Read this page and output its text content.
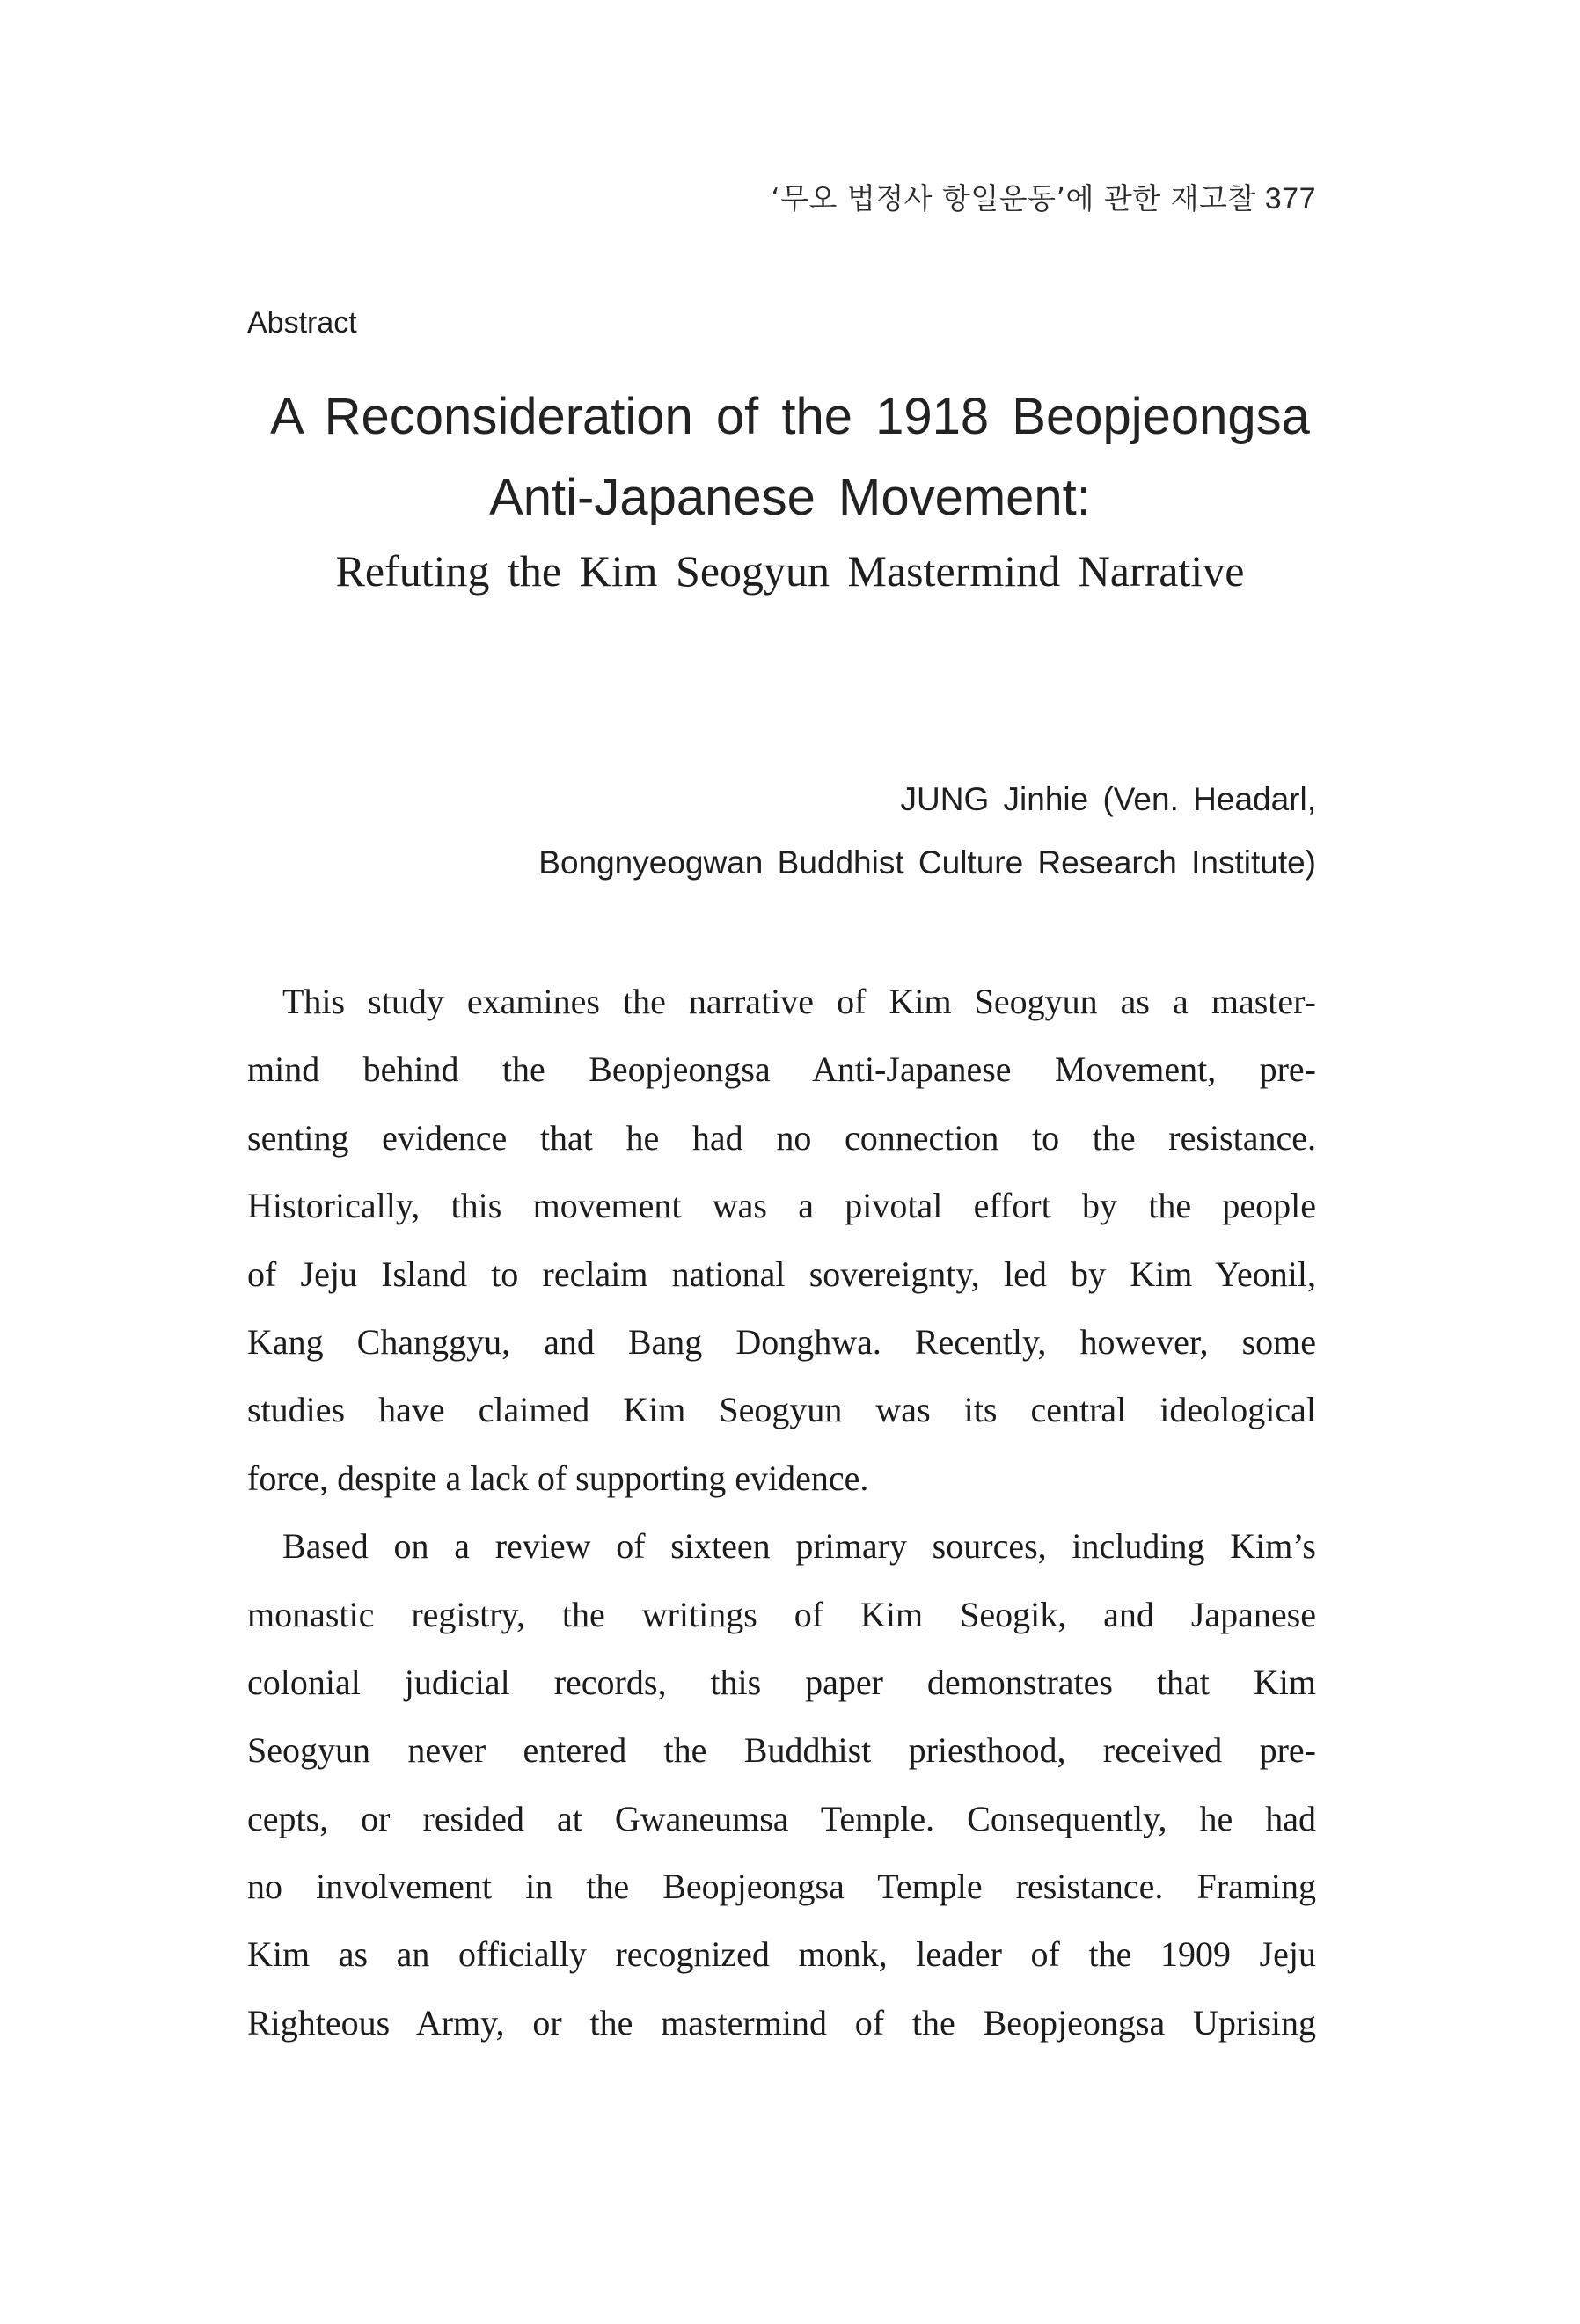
‘무오 법정사 항일운동’에 관한 재고찰 377
Abstract
A Reconsideration of the 1918 Beopjeongsa
Anti-Japanese Movement:
Refuting the Kim Seogyun Mastermind Narrative
JUNG Jinhie (Ven. Headarl,
Bongnyeogwan Buddhist Culture Research Institute)

This study examines the narrative of Kim Seogyun as a master-
mind behind the Beopjeongsa Anti-Japanese Movement, pre-
senting evidence that he had no connection to the resistance.
Historically, this movement was a pivotal effort by the people
of Jeju Island to reclaim national sovereignty, led by Kim Yeonil,
Kang Changgyu, and Bang Donghwa. Recently, however, some
studies have claimed Kim Seogyun was its central ideological
force, despite a lack of supporting evidence.

Based on a review of sixteen primary sources, including Kim’s
monastic registry, the writings of Kim Seogik, and Japanese
colonial judicial records, this paper demonstrates that Kim
Seogyun never entered the Buddhist priesthood, received pre-
cepts, or resided at Gwaneumsa Temple. Consequently, he had
no involvement in the Beopjeongsa Temple resistance. Framing
Kim as an officially recognized monk, leader of the 1909 Jeju
Righteous Army, or the mastermind of the Beopjeongsa Uprising
